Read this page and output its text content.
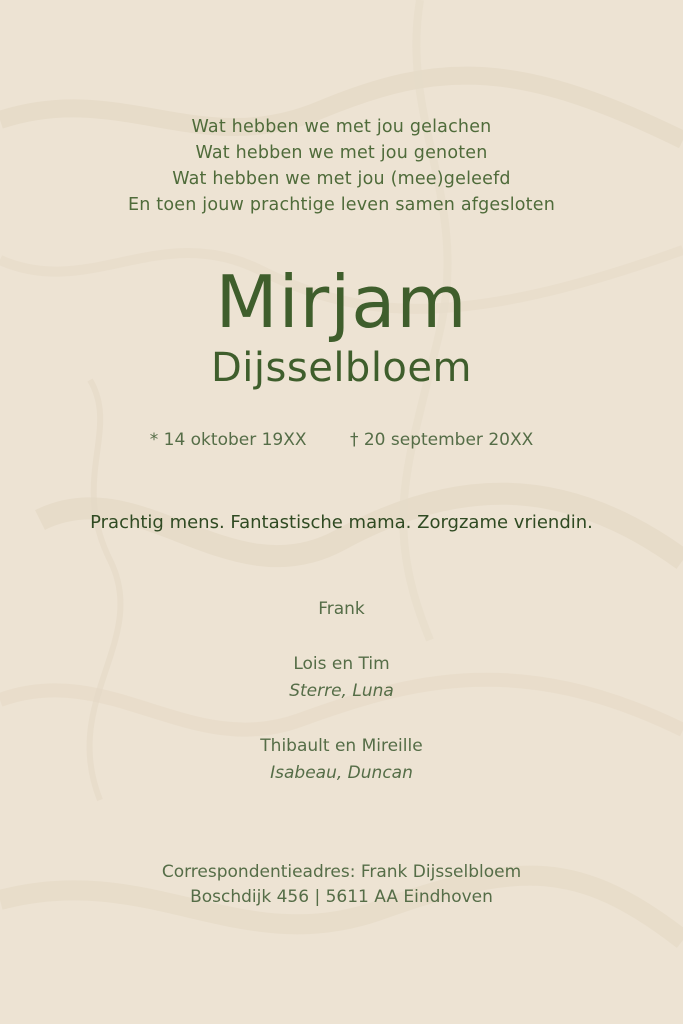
Wat hebben we met jou gelachen
Wat hebben we met jou genoten
Wat hebben we met jou (mee)geleefd
En toen jouw prachtige leven samen afgesloten
Mirjam
Dijsselbloem
* 14 oktober 19XX	† 20 september 20XX
Prachtig mens. Fantastische mama. Zorgzame vriendin.
Frank
Lois en Tim
Sterre, Luna
Thibault en Mireille
Isabeau, Duncan
Correspondentieadres: Frank Dijsselbloem
Boschdijk 456 | 5611 AA Eindhoven
